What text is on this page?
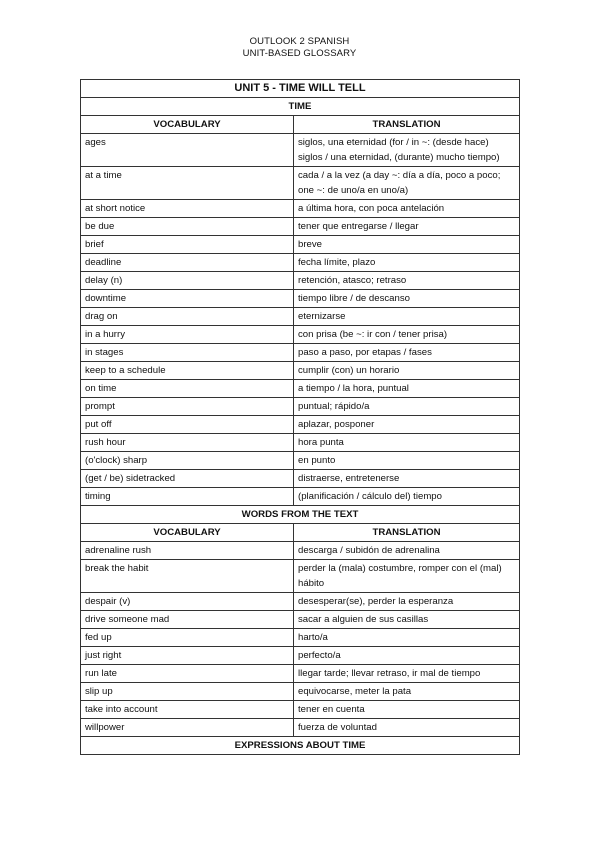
OUTLOOK 2 SPANISH
UNIT-BASED GLOSSARY
UNIT 5 - TIME WILL TELL	
TIME	
VOCABULARY	TRANSLATION
ages	siglos, una eternidad (for / in ~: (desde hace) siglos / una eternidad, (durante) mucho tiempo)
at a time	cada / a la vez (a day ~: día a día, poco a poco; one ~: de uno/a en uno/a)
at short notice	a última hora, con poca antelación
be due	tener que entregarse / llegar
brief	breve
deadline	fecha límite, plazo
delay (n)	retención, atasco; retraso
downtime	tiempo libre / de descanso
drag on	eternizarse
in a hurry	con prisa (be ~: ir con / tener prisa)
in stages	paso a paso, por etapas / fases
keep to a schedule	cumplir (con) un horario
on time	a tiempo / la hora, puntual
prompt	puntual; rápido/a
put off	aplazar, posponer
rush hour	hora punta
(o'clock) sharp	en punto
(get / be) sidetracked	distraerse, entretenerse
timing	(planificación / cálculo del) tiempo
WORDS FROM THE TEXT	
VOCABULARY	TRANSLATION
adrenaline rush	descarga / subidón de adrenalina
break the habit	perder la (mala) costumbre, romper con el (mal) hábito
despair (v)	desesperar(se), perder la esperanza
drive someone mad	sacar a alguien de sus casillas
fed up	harto/a
just right	perfecto/a
run late	llegar tarde; llevar retraso, ir mal de tiempo
slip up	equivocarse, meter la pata
take into account	tener en cuenta
willpower	fuerza de voluntad
EXPRESSIONS ABOUT TIME	
